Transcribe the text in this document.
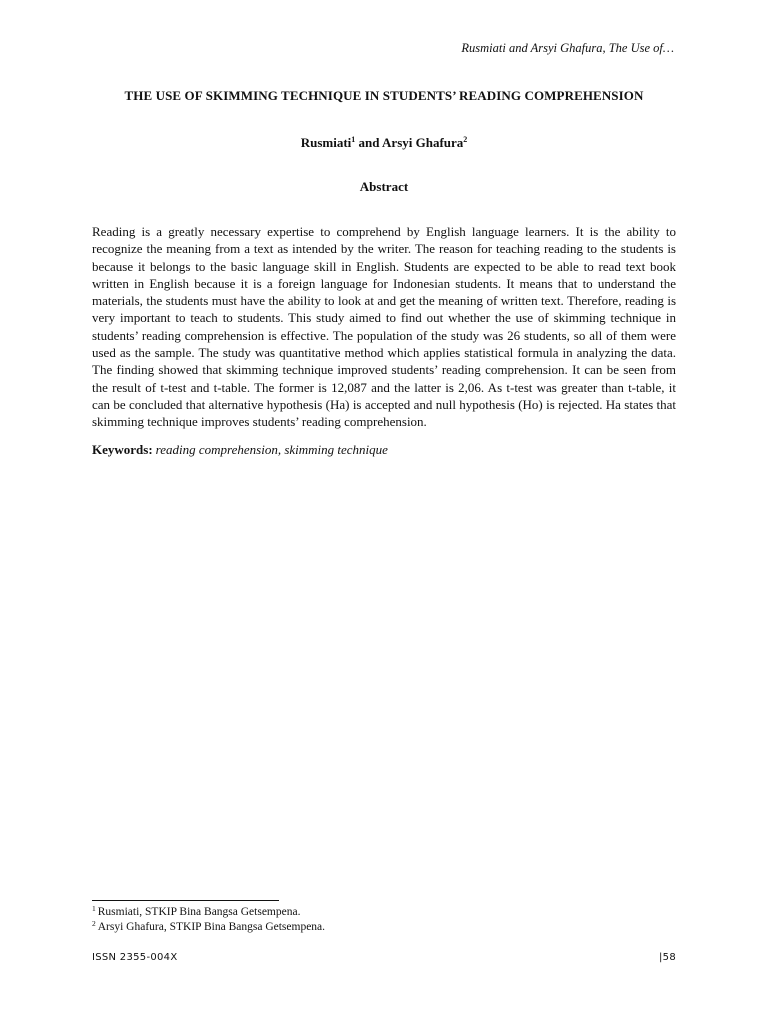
Rusmiati and Arsyi Ghafura, The Use of…
THE USE OF SKIMMING TECHNIQUE IN STUDENTS’ READING COMPREHENSION
Rusmiati$^1$ and Arsyi Ghafura$^2$
Abstract

Reading is a greatly necessary expertise to comprehend by English language learners. It is the ability to recognize the meaning from a text as intended by the writer. The reason for teaching reading to the students is because it belongs to the basic language skill in English. Students are expected to be able to read text book written in English because it is a foreign language for Indonesian students. It means that to understand the materials, the students must have the ability to look at and get the meaning of written text. Therefore, reading is very important to teach to students. This study aimed to find out whether the use of skimming technique in students’ reading comprehension is effective. The population of the study was 26 students, so all of them were used as the sample. The study was quantitative method which applies statistical formula in analyzing the data. The finding showed that skimming technique improved students’ reading comprehension. It can be seen from the result of t-test and t-table. The former is 12,087 and the latter is 2,06. As t-test was greater than t-table, it can be concluded that alternative hypothesis (Ha) is accepted and null hypothesis (Ho) is rejected. Ha states that skimming technique improves students’ reading comprehension.

Keywords: reading comprehension, skimming technique
$^1$ Rusmiati, STKIP Bina Bangsa Getsempena.
$^2$ Arsyi Ghafura, STKIP Bina Bangsa Getsempena.
ISSN 2355-004X	|58
